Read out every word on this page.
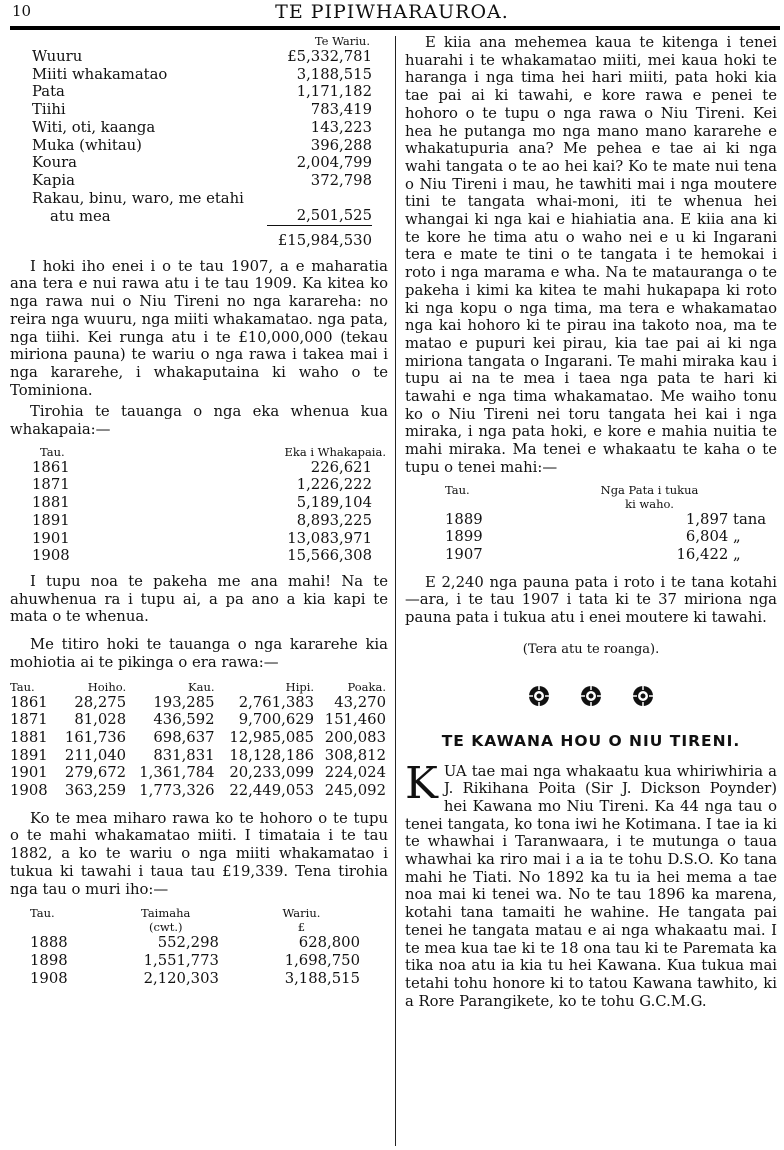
10	TE PIPIWHARAUROA.
	Te Wariu.
Wuuru	£5,332,781
Miiti whakamatao	3,188,515
Pata	1,171,182
Tiihi	783,419
Witi, oti, kaanga	143,223
Muka (whitau)	396,288
Koura	2,004,799
Kapia	372,798
Rakau, binu, waro, me etahi	
atu mea	2,501,525
	£15,984,530

I hoki iho enei i o te tau 1907, a e maharatia ana tera e nui rawa atu i te tau 1909. Ka kitea ko nga rawa nui o Niu Tireni no nga karareha: no reira nga wuuru, nga miiti whakamatao. nga pata, nga tiihi. Kei runga atu i te £10,000,000 (tekau miriona pauna) te wariu o nga rawa i takea mai i nga kararehe, i whakaputaina ki waho o te Tominiona.

Tirohia te tauanga o nga eka whenua kua whakapaia:—

Tau.	Eka i Whakapaia.
1861	226,621
1871	1,226,222
1881	5,189,104
1891	8,893,225
1901	13,083,971
1908	15,566,308

I tupu noa te pakeha me ana mahi! Na te ahuwhenua ra i tupu ai, a pa ano a kia kapi te mata o te whenua.

Me titiro hoki te tauanga o nga kararehe kia mohiotia ai te pikinga o era rawa:—

Tau.	Hoiho.	Kau.	Hipi.	Poaka.
1861	28,275	193,285	2,761,383	43,270
1871	81,028	436,592	9,700,629	151,460
1881	161,736	698,637	12,985,085	200,083
1891	211,040	831,831	18,128,186	308,812
1901	279,672	1,361,784	20,233,099	224,024
1908	363,259	1,773,326	22,449,053	245,092

Ko te mea miharo rawa ko te hohoro o te tupu o te mahi whakamatao miiti. I timataia i te tau 1882, a ko te wariu o nga miiti whakamatao i tukua ki tawahi i taua tau £19,339. Tena tirohia nga tau o muri iho:—

Tau.	Taimaha	Wariu.
	(cwt.)	£
1888	552,298	628,800
1898	1,551,773	1,698,750
1908	2,120,303	3,188,515

E kiia ana mehemea kaua te kitenga i tenei huarahi i te whakamatao miiti, mei kaua hoki te haranga i nga tima hei hari miiti, pata hoki kia tae pai ai ki tawahi, e kore rawa e penei te hohoro o te tupu o nga rawa o Niu Tireni. Kei hea he putanga mo nga mano mano kararehe e whakatupuria ana? Me pehea e tae ai ki nga wahi tangata o te ao hei kai? Ko te mate nui tena o Niu Tireni i mau, he tawhiti mai i nga moutere tini te tangata whai-moni, iti te whenua hei whangai ki nga kai e hiahiatia ana. E kiia ana ki te kore he tima atu o waho nei e u ki Ingarani tera e mate te tini o te tangata i te hemokai i roto i nga marama e wha. Na te matauranga o te pakeha i kimi ka kitea te mahi hukapapa ki roto ki nga kopu o nga tima, ma tera e whakamatao nga kai hohoro ki te pirau ina takoto noa, ma te matao e pupuri kei pirau, kia tae pai ai ki nga miriona tangata o Ingarani. Te mahi miraka kau i tupu ai na te mea i taea nga pata te hari ki tawahi e nga tima whakamatao. Me waiho tonu ko o Niu Tireni nei toru tangata hei kai i nga miraka, i nga pata hoki, e kore e mahia nuitia te mahi miraka. Ma tenei e whakaatu te kaha o te tupu o tenei mahi:—

Tau.	Nga Pata i tukua
	ki waho.
1889	1,897 tana
1899	6,804 „
1907	16,422 „

E 2,240 nga pauna pata i roto i te tana kotahi —ara, i te tau 1907 i tata ki te 37 miriona nga pauna pata i tukua atu i enei moutere ki tawahi.

(Tera atu te roanga).

TE KAWANA HOU O NIU TIRENI.

KUA tae mai nga whakaatu kua whiriwhiria a J. Rikihana Poita (Sir J. Dickson Poynder) hei Kawana mo Niu Tireni. Ka 44 nga tau o tenei tangata, ko tona iwi he Kotimana. I tae ia ki te whawhai i Taranwaara, i te mutunga o taua whawhai ka riro mai i a ia te tohu D.S.O. Ko tana mahi he Tiati. No 1892 ka tu ia hei mema a tae noa mai ki tenei wa. No te tau 1896 ka marena, kotahi tana tamaiti he wahine. He tangata pai tenei he tangata matau e ai nga whakaatu mai. I te mea kua tae ki te 18 ona tau ki te Paremata ka tika noa atu ia kia tu hei Kawana. Kua tukua mai tetahi tohu honore ki to tatou Kawana tawhito, ki a Rore Parangikete, ko te tohu G.C.M.G.
